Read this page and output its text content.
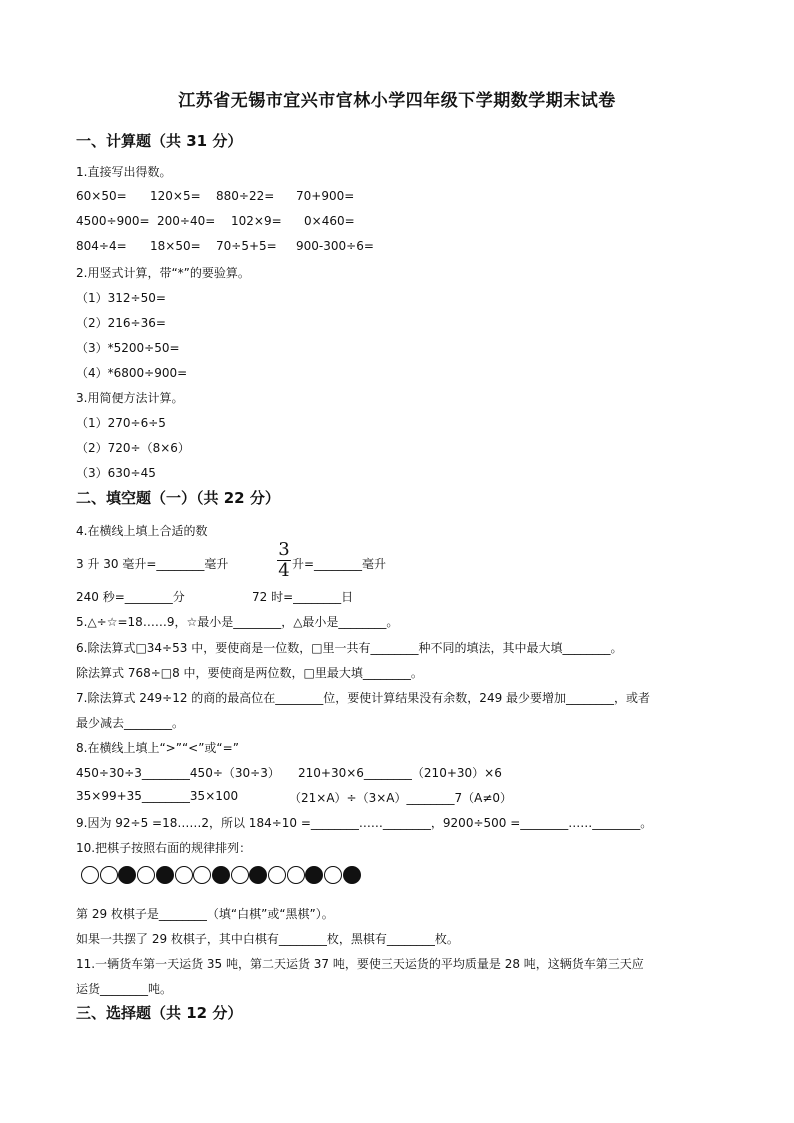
江苏省无锡市宜兴市官林小学四年级下学期数学期末试卷
一、计算题（共 31 分）
1.直接写出得数。
60×50= 120×5= 880÷22= 70+900=
4500÷900= 200÷40= 102×9= 0×460=
804÷4= 18×50= 70÷5+5= 900-300÷6=
2.用竖式计算，带“*”的要验算。
（1）312÷50=
（2）216÷36=
（3）*5200÷50=
（4）*6800÷900=
3.用简便方法计算。
（1）270÷6÷5
（2）720÷（8×6）
（3）630÷45
二、填空题（一）（共 22 分）
4.在横线上填上合适的数
3 升 30 毫升=________毫升
3
4 升=________毫升
240 秒=________分	72 时=________日
5.△÷☆=18……9，☆最小是________，△最小是________。
6.除法算式□34÷53 中，要使商是一位数，□里一共有________种不同的填法，其中最大填________。
除法算式 768÷□8 中，要使商是两位数，□里最大填________。
7.除法算式 249÷12 的商的最高位在________位，要使计算结果没有余数，249 最少要增加________，或者
最少减去________。
8.在横线上填上“>”“<”或“=”
450÷30÷3________450÷（30÷3） 210+30×6________（210+30）×6
35×99+35________35×100	（21×A）÷（3×A）________7（A≠0）
9.因为 92÷5 =18……2，所以 184÷10 =________……________，9200÷500 =________……________。
10.把棋子按照右面的规律排列：
第 29 枚棋子是________（填“白棋”或“黑棋”）。
如果一共摆了 29 枚棋子，其中白棋有________枚，黑棋有________枚。
11.一辆货车第一天运货 35 吨，第二天运货 37 吨，要使三天运货的平均质量是 28 吨，这辆货车第三天应
运货________吨。
三、选择题（共 12 分）
